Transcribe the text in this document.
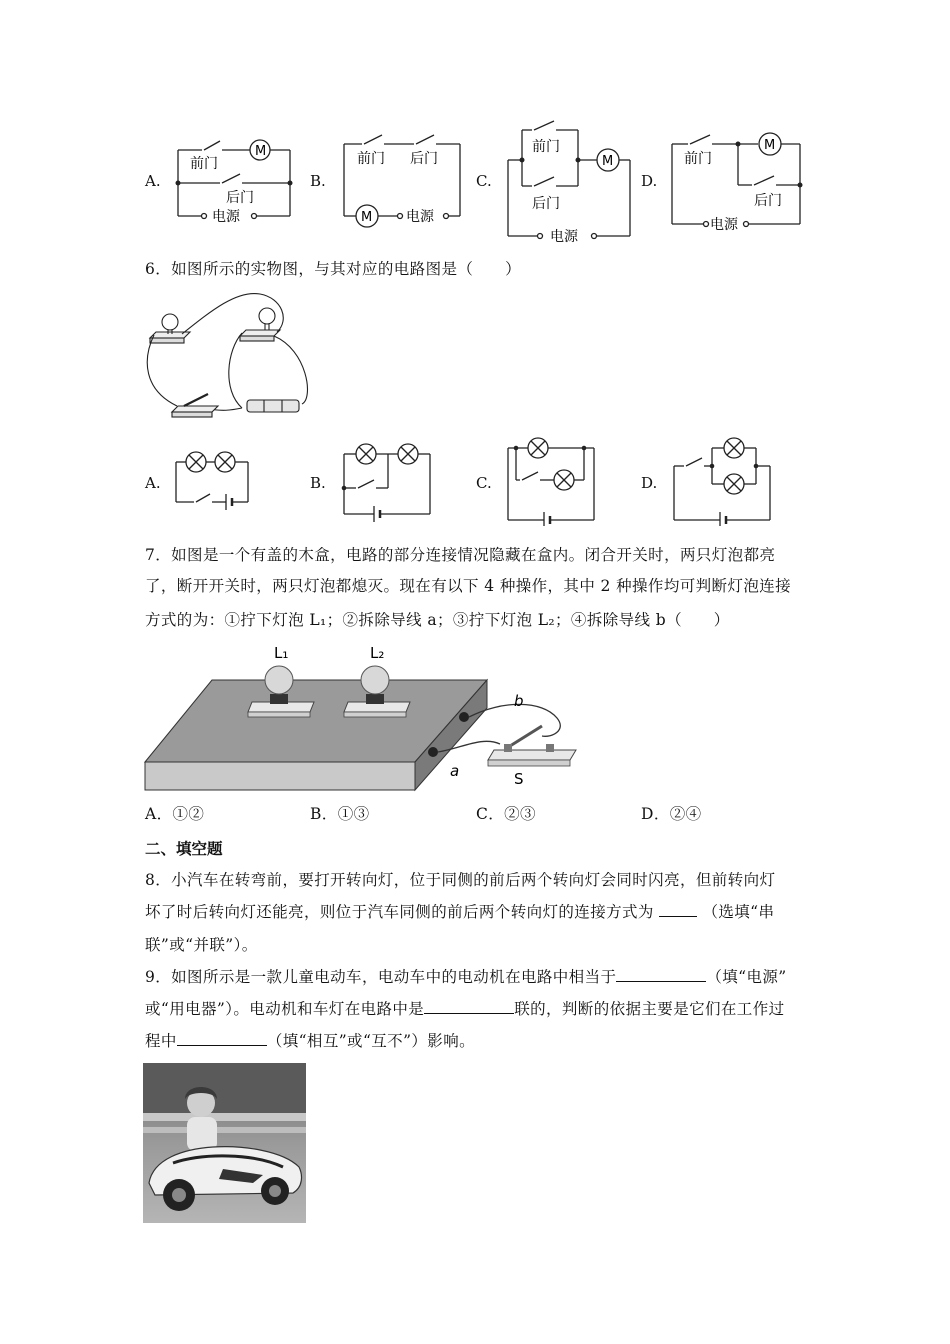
A.
M
前门
后门
电源
B.
M
前门 后门
电源
C.
M
前门
后门
电源
D.
M
前门
后门
电源
6．如图所示的实物图，与其对应的电路图是（　　）
A.	B.	C.	D.
7．如图是一个有盖的木盒，电路的部分连接情况隐藏在盒内。闭合开关时，两只灯泡都亮
了，断开开关时，两只灯泡都熄灭。现在有以下 4 种操作，其中 2 种操作均可判断灯泡连接
方式的为：①拧下灯泡 L₁；②拆除导线 a；③拧下灯泡 L₂；④拆除导线 b（　　）
L₁	L₂
a
b
S
A．①②	B．①③	C．②③	D．②④
二、填空题
8．小汽车在转弯前，要打开转向灯，位于同侧的前后两个转向灯会同时闪亮，但前转向灯
坏了时后转向灯还能亮，则位于汽车同侧的前后两个转向灯的连接方式为	（选填“串
联”或“并联”）。
9．如图所示是一款儿童电动车，电动车中的电动机在电路中相当于	（填“电源”
或“用电器”）。电动机和车灯在电路中是	联的，判断的依据主要是它们在工作过
程中	（填“相互”或“互不”）影响。
